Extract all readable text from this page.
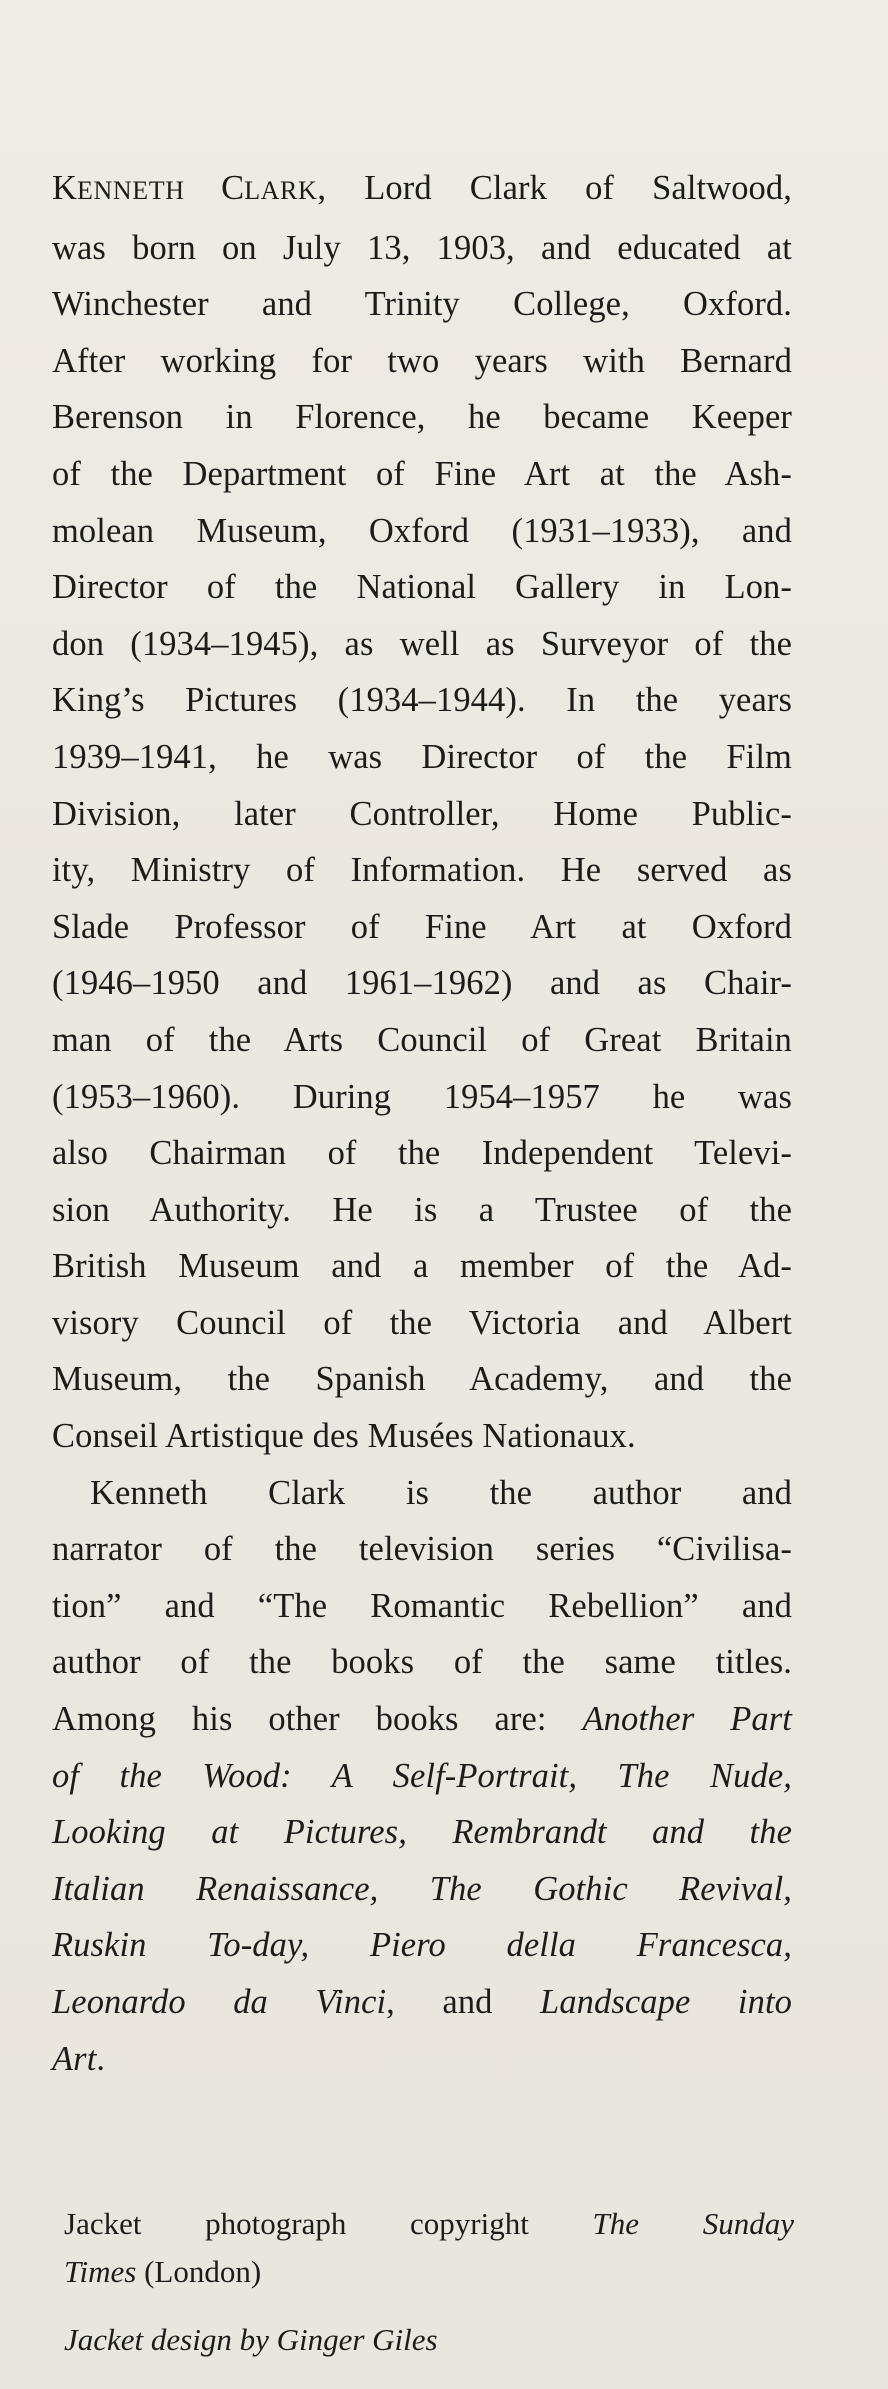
KENNETH CLARK, Lord Clark of Saltwood,
was born on July 13, 1903, and educated at
Winchester and Trinity College, Oxford.
After working for two years with Bernard
Berenson in Florence, he became Keeper
of the Department of Fine Art at the Ash-
molean Museum, Oxford (1931–1933), and
Director of the National Gallery in Lon-
don (1934–1945), as well as Surveyor of the
King’s Pictures (1934–1944). In the years
1939–1941, he was Director of the Film
Division, later Controller, Home Public-
ity, Ministry of Information. He served as
Slade Professor of Fine Art at Oxford
(1946–1950 and 1961–1962) and as Chair-
man of the Arts Council of Great Britain
(1953–1960). During 1954–1957 he was
also Chairman of the Independent Televi-
sion Authority. He is a Trustee of the
British Museum and a member of the Ad-
visory Council of the Victoria and Albert
Museum, the Spanish Academy, and the
Conseil Artistique des Musées Nationaux.

Kenneth Clark is the author and
narrator of the television series “Civilisa-
tion” and “The Romantic Rebellion” and
author of the books of the same titles.
Among his other books are: Another Part
of the Wood: A Self-Portrait, The Nude,
Looking at Pictures, Rembrandt and the
Italian Renaissance, The Gothic Revival,
Ruskin To-day, Piero della Francesca,
Leonardo da Vinci, and Landscape into
Art.

Jacket photograph copyright The Sunday
Times (London)

Jacket design by Ginger Giles
